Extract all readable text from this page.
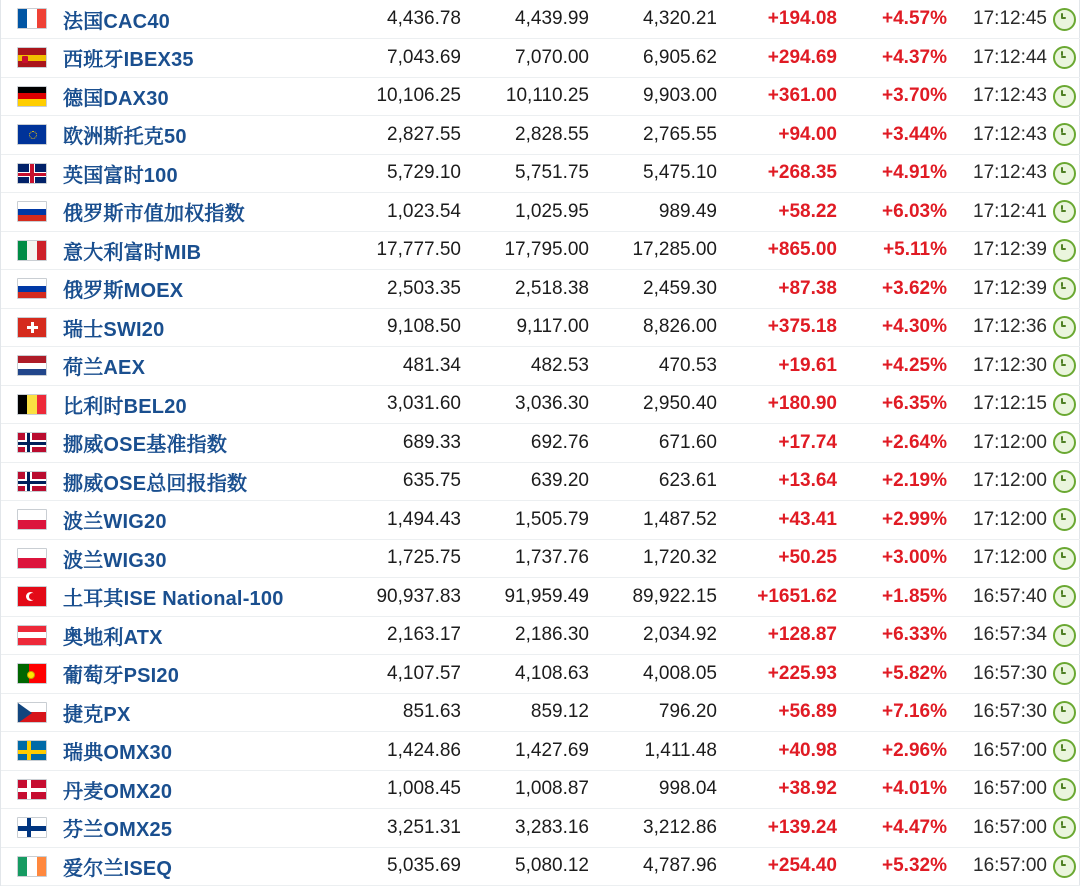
	法国CAC40	4,436.78	4,439.99	4,320.21	+194.08	+4.57%	17:12:45	

	西班牙IBEX35	7,043.69	7,070.00	6,905.62	+294.69	+4.37%	17:12:44	

	德国DAX30	10,106.25	10,110.25	9,903.00	+361.00	+3.70%	17:12:43	

	欧洲斯托克50	2,827.55	2,828.55	2,765.55	+94.00	+3.44%	17:12:43	

	英国富时100	5,729.10	5,751.75	5,475.10	+268.35	+4.91%	17:12:43	

	俄罗斯市值加权指数	1,023.54	1,025.95	989.49	+58.22	+6.03%	17:12:41	

	意大利富时MIB	17,777.50	17,795.00	17,285.00	+865.00	+5.11%	17:12:39	

	俄罗斯MOEX	2,503.35	2,518.38	2,459.30	+87.38	+3.62%	17:12:39	

	瑞士SWI20	9,108.50	9,117.00	8,826.00	+375.18	+4.30%	17:12:36	

	荷兰AEX	481.34	482.53	470.53	+19.61	+4.25%	17:12:30	

	比利时BEL20	3,031.60	3,036.30	2,950.40	+180.90	+6.35%	17:12:15	

	挪威OSE基准指数	689.33	692.76	671.60	+17.74	+2.64%	17:12:00	

	挪威OSE总回报指数	635.75	639.20	623.61	+13.64	+2.19%	17:12:00	

	波兰WIG20	1,494.43	1,505.79	1,487.52	+43.41	+2.99%	17:12:00	

	波兰WIG30	1,725.75	1,737.76	1,720.32	+50.25	+3.00%	17:12:00	

	土耳其ISE National-100	90,937.83	91,959.49	89,922.15	+1651.62	+1.85%	16:57:40	

	奥地利ATX	2,163.17	2,186.30	2,034.92	+128.87	+6.33%	16:57:34	

	葡萄牙PSI20	4,107.57	4,108.63	4,008.05	+225.93	+5.82%	16:57:30	

	捷克PX	851.63	859.12	796.20	+56.89	+7.16%	16:57:30	

	瑞典OMX30	1,424.86	1,427.69	1,411.48	+40.98	+2.96%	16:57:00	

	丹麦OMX20	1,008.45	1,008.87	998.04	+38.92	+4.01%	16:57:00	

	芬兰OMX25	3,251.31	3,283.16	3,212.86	+139.24	+4.47%	16:57:00	

	爱尔兰ISEQ	5,035.69	5,080.12	4,787.96	+254.40	+5.32%	16:57:00	
